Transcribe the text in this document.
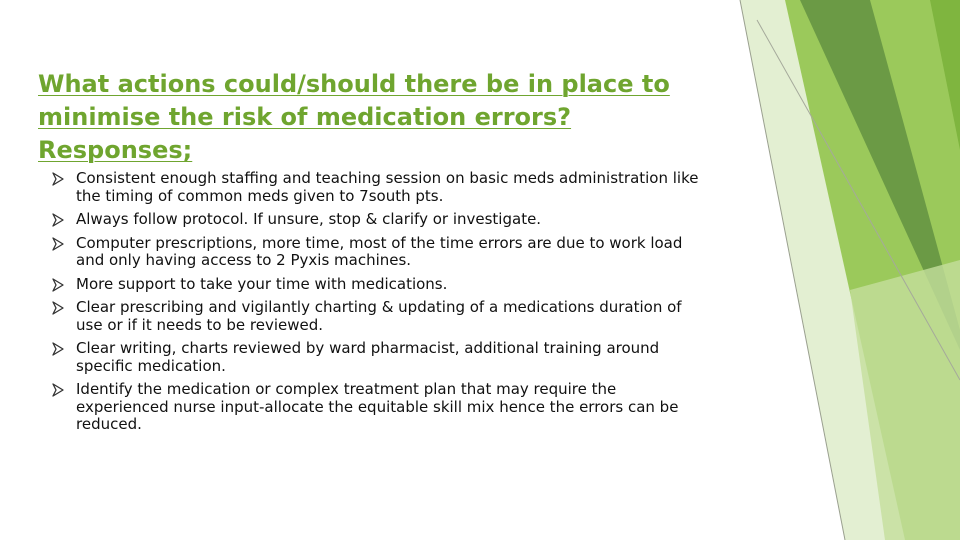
What actions could/should there be in place to minimise the risk of medication errors? Responses;
Consistent enough staffing and teaching session on basic meds administration like the timing of common meds given to 7south pts.
Always follow protocol. If unsure, stop & clarify or investigate.
Computer prescriptions, more time, most of the time errors are due to work load and only having access to 2 Pyxis machines.
More support to take your time with medications.
Clear prescribing and vigilantly charting & updating of a medications duration of use or if it needs to be reviewed.
Clear writing, charts reviewed by ward pharmacist, additional training around specific medication.
Identify the medication or complex treatment plan that may require the experienced nurse input-allocate the equitable skill mix hence the errors can be reduced.
